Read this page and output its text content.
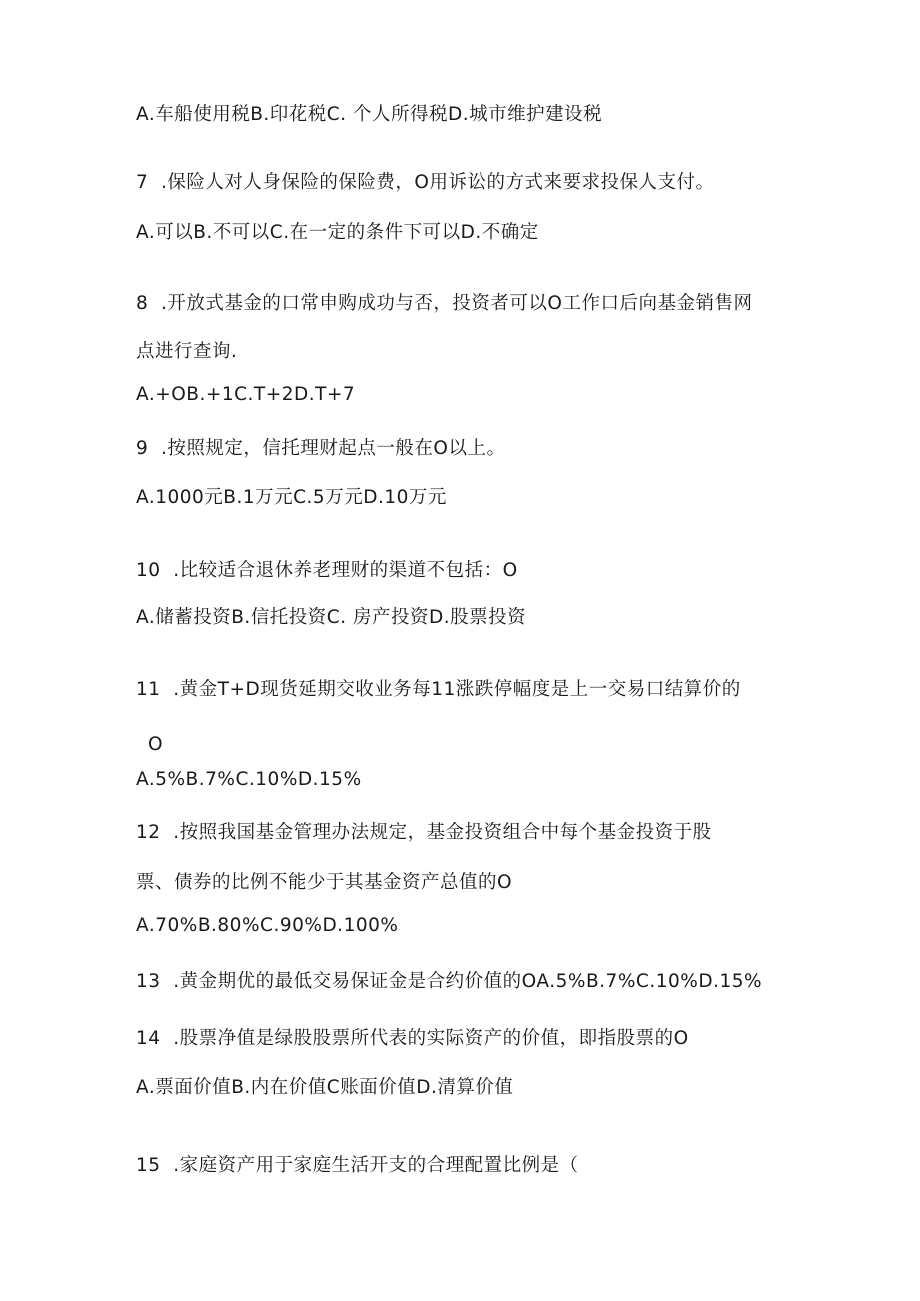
A.车船使用税B.印花税C. 个人所得税D.城市维护建设税
7  .保险人对人身保险的保险费，O用诉讼的方式来要求投保人支付。
A.可以B.不可以C.在一定的条件下可以D.不确定
8  .开放式基金的口常申购成功与否，投资者可以O工作口后向基金销售网
点进行查询.
A.+OB.+1C.T+2D.T+7
9  .按照规定，信托理财起点一般在O以上。
A.1000元B.1万元C.5万元D.10万元
10  .比较适合退休养老理财的渠道不包括：O
A.储蓄投资B.信托投资C. 房产投资D.股票投资
11  .黄金T+D现货延期交收业务每11涨跌停幅度是上一交易口结算价的
O
A.5%B.7%C.10%D.15%
12  .按照我国基金管理办法规定，基金投资组合中每个基金投资于股
票、债券的比例不能少于其基金资产总值的O
A.70%B.80%C.90%D.100%
13  .黄金期优的最低交易保证金是合约价值的OA.5%B.7%C.10%D.15%
14  .股票净值是绿股股票所代表的实际资产的价值，即指股票的O
A.票面价值B.内在价值C账面价值D.清算价值
15  .家庭资产用于家庭生活开支的合理配置比例是（
